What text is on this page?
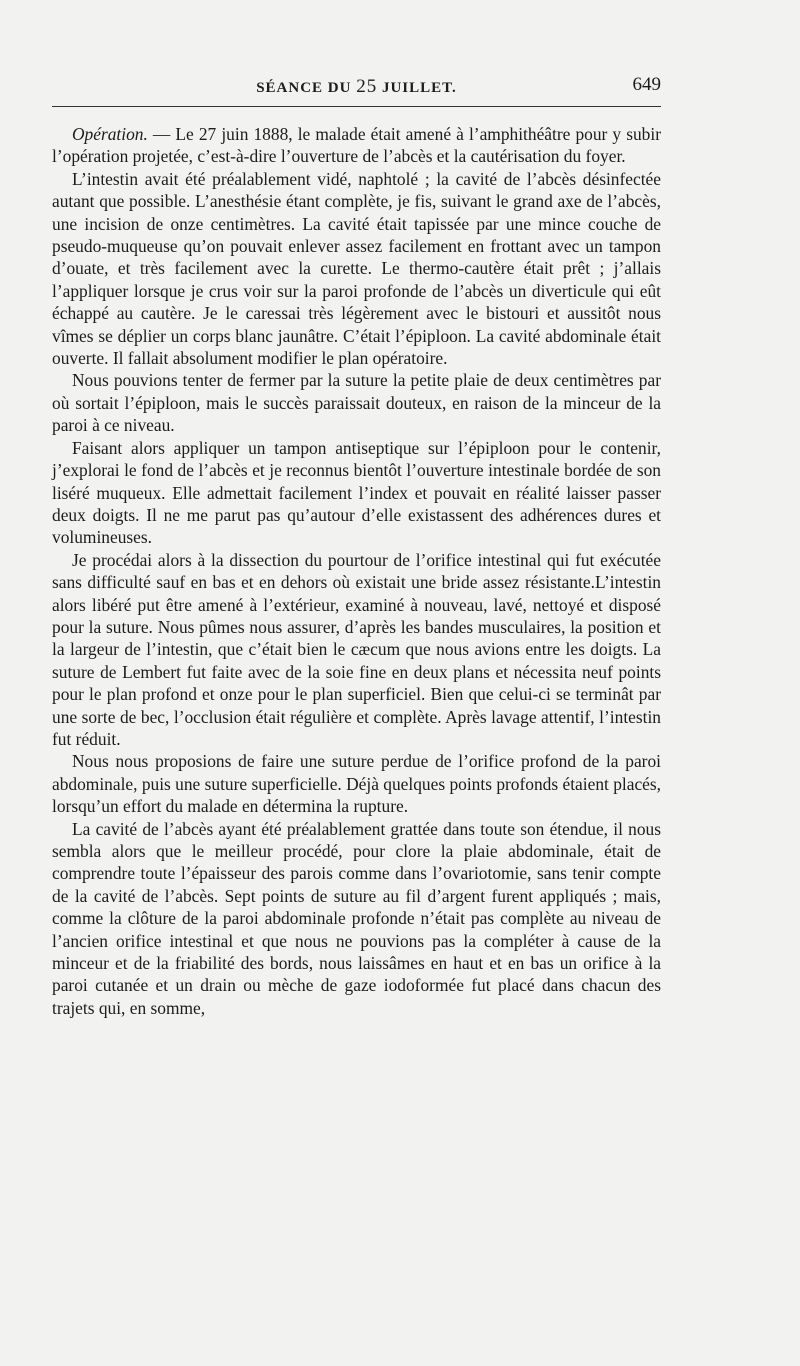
SÉANCE DU 25 JUILLET.	649

Opération. — Le 27 juin 1888, le malade était amené à l’amphithéâtre pour y subir l’opération projetée, c’est-à-dire l’ouverture de l’abcès et la cautérisation du foyer.

L’intestin avait été préalablement vidé, naphtolé ; la cavité de l’abcès désinfectée autant que possible. L’anesthésie étant complète, je fis, suivant le grand axe de l’abcès, une incision de onze centimètres. La cavité était tapissée par une mince couche de pseudo-muqueuse qu’on pouvait enlever assez facilement en frottant avec un tampon d’ouate, et très facilement avec la curette. Le thermo-cautère était prêt ; j’allais l’appliquer lorsque je crus voir sur la paroi profonde de l’abcès un diverticule qui eût échappé au cautère. Je le caressai très légèrement avec le bistouri et aussitôt nous vîmes se déplier un corps blanc jaunâtre. C’était l’épiploon. La cavité abdominale était ouverte. Il fallait absolument modifier le plan opératoire.

Nous pouvions tenter de fermer par la suture la petite plaie de deux centimètres par où sortait l’épiploon, mais le succès paraissait douteux, en raison de la minceur de la paroi à ce niveau.

Faisant alors appliquer un tampon antiseptique sur l’épiploon pour le contenir, j’explorai le fond de l’abcès et je reconnus bientôt l’ouverture intestinale bordée de son liséré muqueux. Elle admettait facilement l’index et pouvait en réalité laisser passer deux doigts. Il ne me parut pas qu’autour d’elle existassent des adhérences dures et volumineuses.

Je procédai alors à la dissection du pourtour de l’orifice intestinal qui fut exécutée sans difficulté sauf en bas et en dehors où existait une bride assez résistante.L’intestin alors libéré put être amené à l’extérieur, examiné à nouveau, lavé, nettoyé et disposé pour la suture. Nous pûmes nous assurer, d’après les bandes musculaires, la position et la largeur de l’intestin, que c’était bien le cæcum que nous avions entre les doigts. La suture de Lembert fut faite avec de la soie fine en deux plans et nécessita neuf points pour le plan profond et onze pour le plan superficiel. Bien que celui-ci se terminât par une sorte de bec, l’occlusion était régulière et complète. Après lavage attentif, l’intestin fut réduit.

Nous nous proposions de faire une suture perdue de l’orifice profond de la paroi abdominale, puis une suture superficielle. Déjà quelques points profonds étaient placés, lorsqu’un effort du malade en détermina la rupture.

La cavité de l’abcès ayant été préalablement grattée dans toute son étendue, il nous sembla alors que le meilleur procédé, pour clore la plaie abdominale, était de comprendre toute l’épaisseur des parois comme dans l’ovariotomie, sans tenir compte de la cavité de l’abcès. Sept points de suture au fil d’argent furent appliqués ; mais, comme la clôture de la paroi abdominale profonde n’était pas complète au niveau de l’ancien orifice intestinal et que nous ne pouvions pas la compléter à cause de la minceur et de la friabilité des bords, nous laissâmes en haut et en bas un orifice à la paroi cutanée et un drain ou mèche de gaze iodoformée fut placé dans chacun des trajets qui, en somme,
